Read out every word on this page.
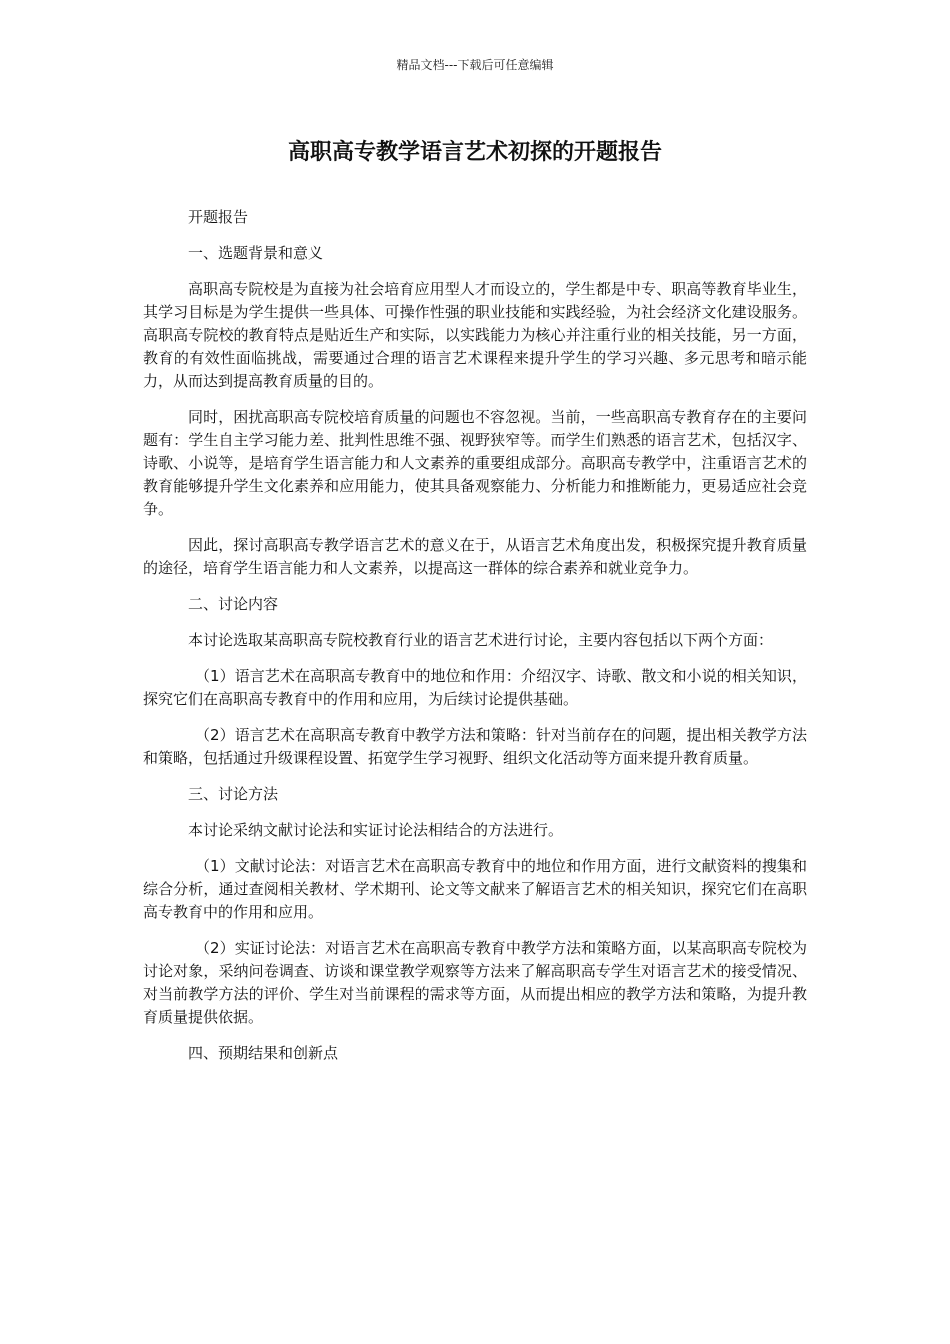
精品文档---下载后可任意编辑
高职高专教学语言艺术初探的开题报告
开题报告
一、选题背景和意义

高职高专院校是为直接为社会培育应用型人才而设立的，学生都是中专、职高等教育毕业生，其学习目标是为学生提供一些具体、可操作性强的职业技能和实践经验，为社会经济文化建设服务。高职高专院校的教育特点是贴近生产和实际，以实践能力为核心并注重行业的相关技能，另一方面，教育的有效性面临挑战，需要通过合理的语言艺术课程来提升学生的学习兴趣、多元思考和暗示能力，从而达到提高教育质量的目的。

同时，困扰高职高专院校培育质量的问题也不容忽视。当前，一些高职高专教育存在的主要问题有：学生自主学习能力差、批判性思维不强、视野狭窄等。而学生们熟悉的语言艺术，包括汉字、诗歌、小说等，是培育学生语言能力和人文素养的重要组成部分。高职高专教学中，注重语言艺术的教育能够提升学生文化素养和应用能力，使其具备观察能力、分析能力和推断能力，更易适应社会竞争。

因此，探讨高职高专教学语言艺术的意义在于，从语言艺术角度出发，积极探究提升教育质量的途径，培育学生语言能力和人文素养，以提高这一群体的综合素养和就业竞争力。

二、讨论内容

本讨论选取某高职高专院校教育行业的语言艺术进行讨论，主要内容包括以下两个方面：

（1）语言艺术在高职高专教育中的地位和作用：介绍汉字、诗歌、散文和小说的相关知识，探究它们在高职高专教育中的作用和应用，为后续讨论提供基础。

（2）语言艺术在高职高专教育中教学方法和策略：针对当前存在的问题，提出相关教学方法和策略，包括通过升级课程设置、拓宽学生学习视野、组织文化活动等方面来提升教育质量。

三、讨论方法

本讨论采纳文献讨论法和实证讨论法相结合的方法进行。

（1）文献讨论法：对语言艺术在高职高专教育中的地位和作用方面，进行文献资料的搜集和综合分析，通过查阅相关教材、学术期刊、论文等文献来了解语言艺术的相关知识，探究它们在高职高专教育中的作用和应用。

（2）实证讨论法：对语言艺术在高职高专教育中教学方法和策略方面，以某高职高专院校为讨论对象，采纳问卷调查、访谈和课堂教学观察等方法来了解高职高专学生对语言艺术的接受情况、对当前教学方法的评价、学生对当前课程的需求等方面，从而提出相应的教学方法和策略，为提升教育质量提供依据。

四、预期结果和创新点
